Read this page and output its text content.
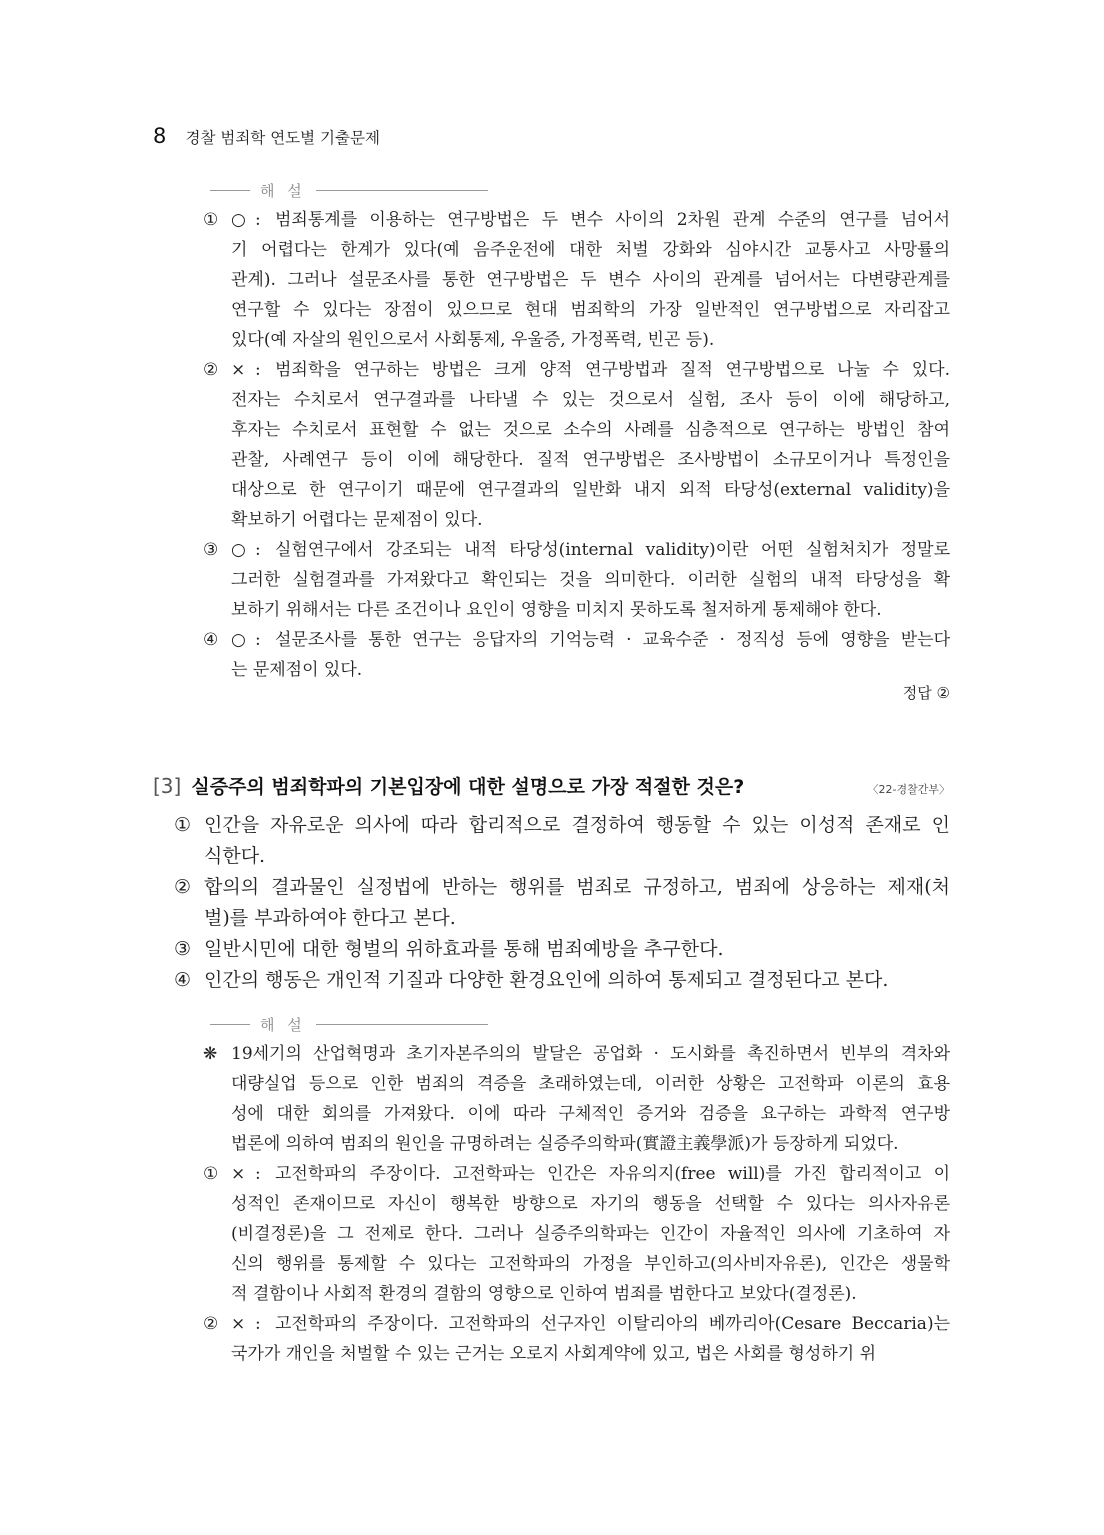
8 경찰 범죄학 연도별 기출문제
해 설
① ○ : 범죄통계를 이용하는 연구방법은 두 변수 사이의 2차원 관계 수준의 연구를 넘어서
기 어렵다는 한계가 있다(예 음주운전에 대한 처벌 강화와 심야시간 교통사고 사망률의
관계). 그러나 설문조사를 통한 연구방법은 두 변수 사이의 관계를 넘어서는 다변량관계를
연구할 수 있다는 장점이 있으므로 현대 범죄학의 가장 일반적인 연구방법으로 자리잡고
있다(예 자살의 원인으로서 사회통제, 우울증, 가정폭력, 빈곤 등).
② × : 범죄학을 연구하는 방법은 크게 양적 연구방법과 질적 연구방법으로 나눌 수 있다.
전자는 수치로서 연구결과를 나타낼 수 있는 것으로서 실험, 조사 등이 이에 해당하고,
후자는 수치로서 표현할 수 없는 것으로 소수의 사례를 심층적으로 연구하는 방법인 참여
관찰, 사례연구 등이 이에 해당한다. 질적 연구방법은 조사방법이 소규모이거나 특정인을
대상으로 한 연구이기 때문에 연구결과의 일반화 내지 외적 타당성(external validity)을
확보하기 어렵다는 문제점이 있다.
③ ○ : 실험연구에서 강조되는 내적 타당성(internal validity)이란 어떤 실험처치가 정말로
그러한 실험결과를 가져왔다고 확인되는 것을 의미한다. 이러한 실험의 내적 타당성을 확
보하기 위해서는 다른 조건이나 요인이 영향을 미치지 못하도록 철저하게 통제해야 한다.
④ ○ : 설문조사를 통한 연구는 응답자의 기억능력 · 교육수준 · 정직성 등에 영향을 받는다
는 문제점이 있다.
정답 ②
[3] 실증주의 범죄학파의 기본입장에 대한 설명으로 가장 적절한 것은?	〈22-경찰간부〉
① 인간을 자유로운 의사에 따라 합리적으로 결정하여 행동할 수 있는 이성적 존재로 인
식한다.
② 합의의 결과물인 실정법에 반하는 행위를 범죄로 규정하고, 범죄에 상응하는 제재(처
벌)를 부과하여야 한다고 본다.
③ 일반시민에 대한 형벌의 위하효과를 통해 범죄예방을 추구한다.
④ 인간의 행동은 개인적 기질과 다양한 환경요인에 의하여 통제되고 결정된다고 본다.
해 설
❋ 19세기의 산업혁명과 초기자본주의의 발달은 공업화 · 도시화를 촉진하면서 빈부의 격차와
대량실업 등으로 인한 범죄의 격증을 초래하였는데, 이러한 상황은 고전학파 이론의 효용
성에 대한 회의를 가져왔다. 이에 따라 구체적인 증거와 검증을 요구하는 과학적 연구방
법론에 의하여 범죄의 원인을 규명하려는 실증주의학파(實證主義學派)가 등장하게 되었다.
① × : 고전학파의 주장이다. 고전학파는 인간은 자유의지(free will)를 가진 합리적이고 이
성적인 존재이므로 자신이 행복한 방향으로 자기의 행동을 선택할 수 있다는 의사자유론
(비결정론)을 그 전제로 한다. 그러나 실증주의학파는 인간이 자율적인 의사에 기초하여 자
신의 행위를 통제할 수 있다는 고전학파의 가정을 부인하고(의사비자유론), 인간은 생물학
적 결함이나 사회적 환경의 결함의 영향으로 인하여 범죄를 범한다고 보았다(결정론).
② × : 고전학파의 주장이다. 고전학파의 선구자인 이탈리아의 베까리아(Cesare Beccaria)는
국가가 개인을 처벌할 수 있는 근거는 오로지 사회계약에 있고, 법은 사회를 형성하기 위
